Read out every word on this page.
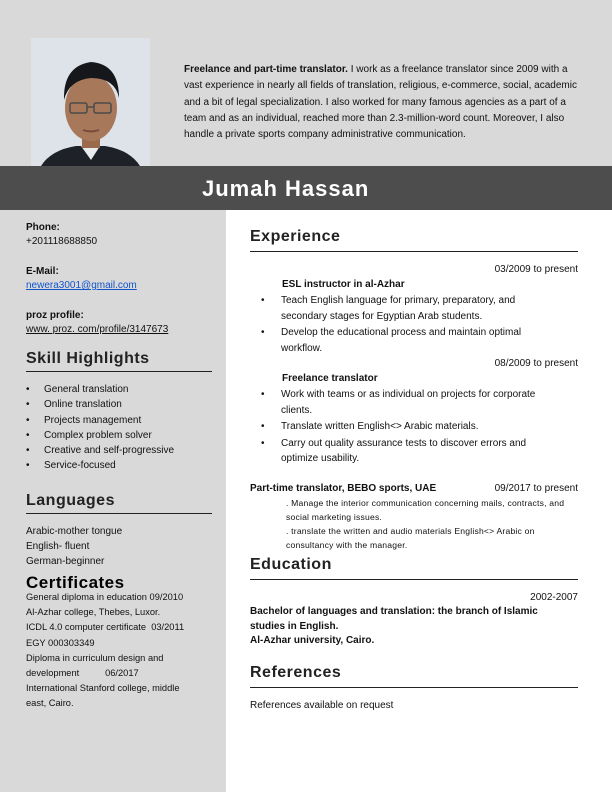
Freelance and part-time translator. I work as a freelance translator since 2009 with a vast experience in nearly all fields of translation, religious, e-commerce, social, academic and a bit of legal specialization. I also worked for many famous agencies as a part of a team and as an individual, reached more than 2.3-million-word count. Moreover, I also handle a private sports company administrative communication.
Jumah Hassan
Phone:
+201118688850
E-Mail:
newera3001@gmail.com
proz profile:
www. proz. com/profile/3147673
Skill Highlights
• General translation
• Online translation
• Projects management
• Complex problem solver
• Creative and self-progressive
• Service-focused
Languages
Arabic-mother tongue
English- fluent
German-beginner
Certificates
General diploma in education 09/2010
Al-Azhar college, Thebes, Luxor.
ICDL 4.0 computer certificate  03/2011
EGY 000303349
Diploma in curriculum design and
development          06/2017
International Stanford college, middle
east, Cairo.
Experience
03/2009 to present
ESL instructor in al-Azhar
• Teach English language for primary, preparatory, and secondary stages for Egyptian Arab students.
• Develop the educational process and maintain optimal workflow.
08/2009 to present
Freelance translator
• Work with teams or as individual on projects for corporate clients.
• Translate written English<> Arabic materials.
• Carry out quality assurance tests to discover errors and optimize usability.
Part-time translator, BEBO sports, UAE	09/2017 to present
. Manage the interior communication concerning mails, contracts, and social marketing issues.
. translate the written and audio materials English<> Arabic on consultancy with the manager.
Education
2002-2007
Bachelor of languages and translation: the branch of Islamic studies in English.
Al-Azhar university, Cairo.
References
References available on request
